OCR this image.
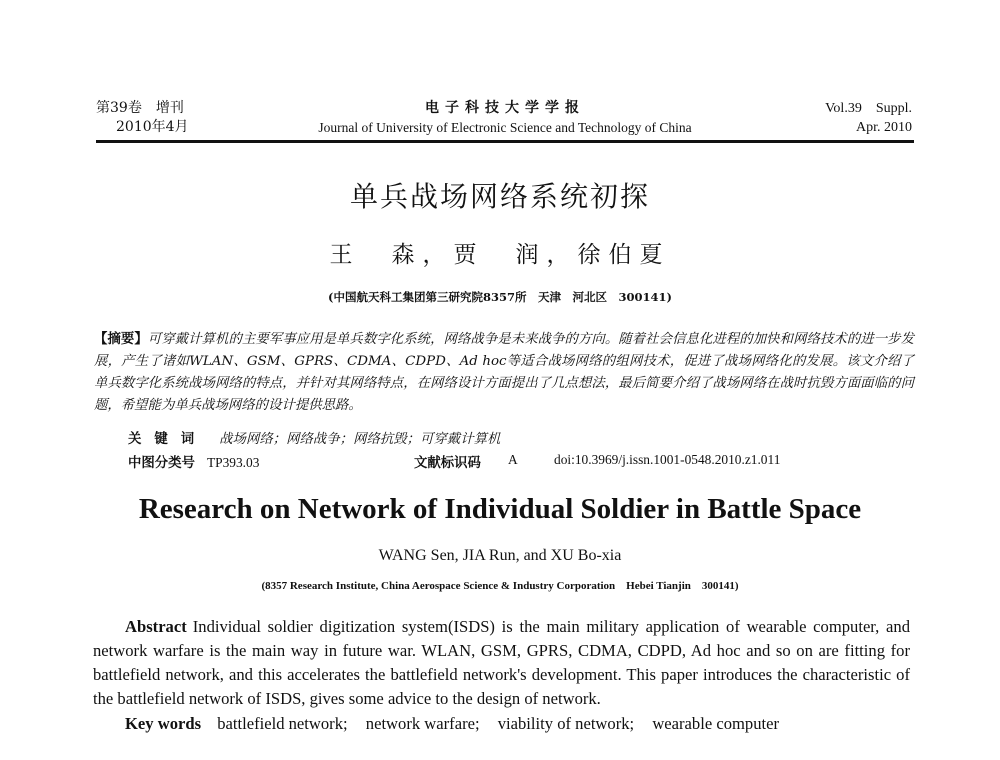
第39卷　增刊
2010年4月
电子科技大学学报
Journal of University of Electronic Science and Technology of China
Vol.39　Suppl.
Apr. 2010
单兵战场网络系统初探
王　森，贾　润，徐伯夏
(中国航天科工集团第三研究院8357所　天津　河北区　300141)
【摘要】可穿戴计算机的主要军事应用是单兵数字化系统，网络战争是未来战争的方向。随着社会信息化进程的加快和网络技术的进一步发展，产生了诸如WLAN、GSM、GPRS、CDMA、CDPD、Ad hoc等适合战场网络的组网技术，促进了战场网络化的发展。该文介绍了单兵数字化系统战场网络的特点，并针对其网络特点，在网络设计方面提出了几点想法，最后简要介绍了战场网络在战时抗毁方面面临的问题，希望能为单兵战场网络的设计提供思路。
关键词 战场网络；网络战争；网络抗毁；可穿戴计算机
中图分类号 TP393.03	文献标识码 A	doi:10.3969/j.issn.1001-0548.2010.z1.011
Research on Network of Individual Soldier in Battle Space
WANG Sen, JIA Run, and XU Bo-xia
(8357 Research Institute, China Aerospace Science & Industry Corporation　Hebei Tianjin　300141)
Abstract Individual soldier digitization system(ISDS) is the main military application of wearable computer, and network warfare is the main way in future war. WLAN, GSM, GPRS, CDMA, CDPD, Ad hoc and so on are fitting for battlefield network, and this accelerates the battlefield network's development. This paper introduces the characteristic of the battlefield network of ISDS, gives some advice to the design of network.
Key words battlefield network; network warfare; viability of network; wearable computer
